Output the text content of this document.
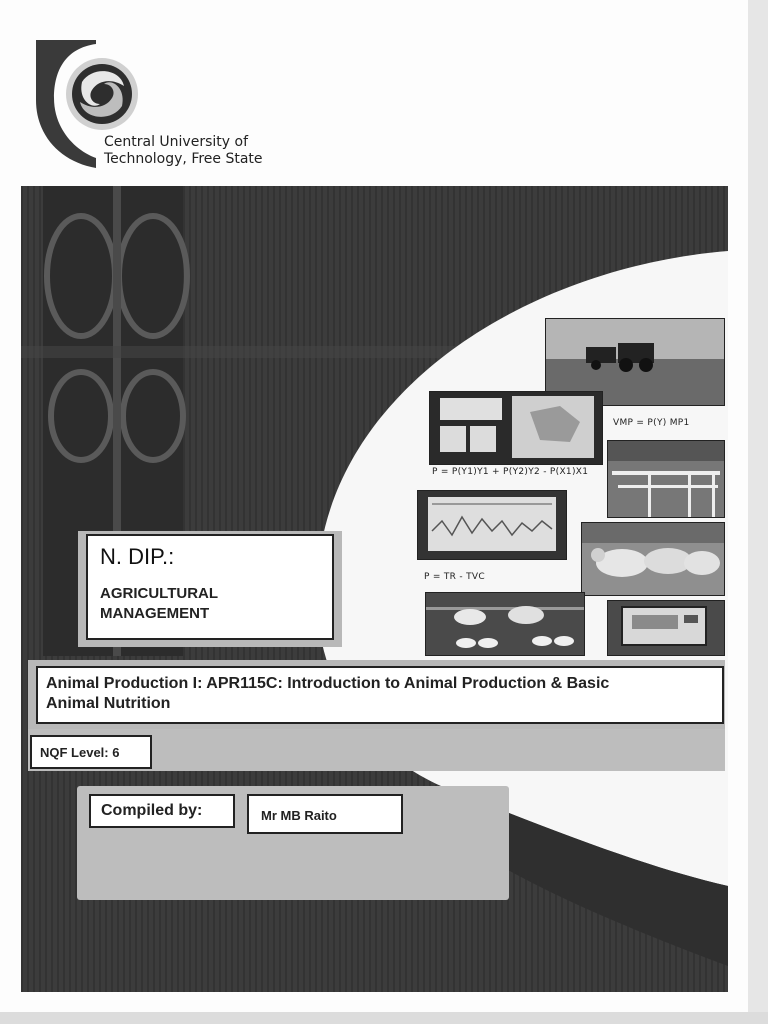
Central University of
Technology, Free State
VMP = P(Y) MP1
P = P(Y1)Y1 + P(Y2)Y2 - P(X1)X1
P = TR - TVC
N. DIP.:
AGRICULTURAL
MANAGEMENT
Animal Production I: APR115C: Introduction to Animal Production & Basic
Animal Nutrition
NQF Level: 6
Compiled by:	Mr MB Raito
